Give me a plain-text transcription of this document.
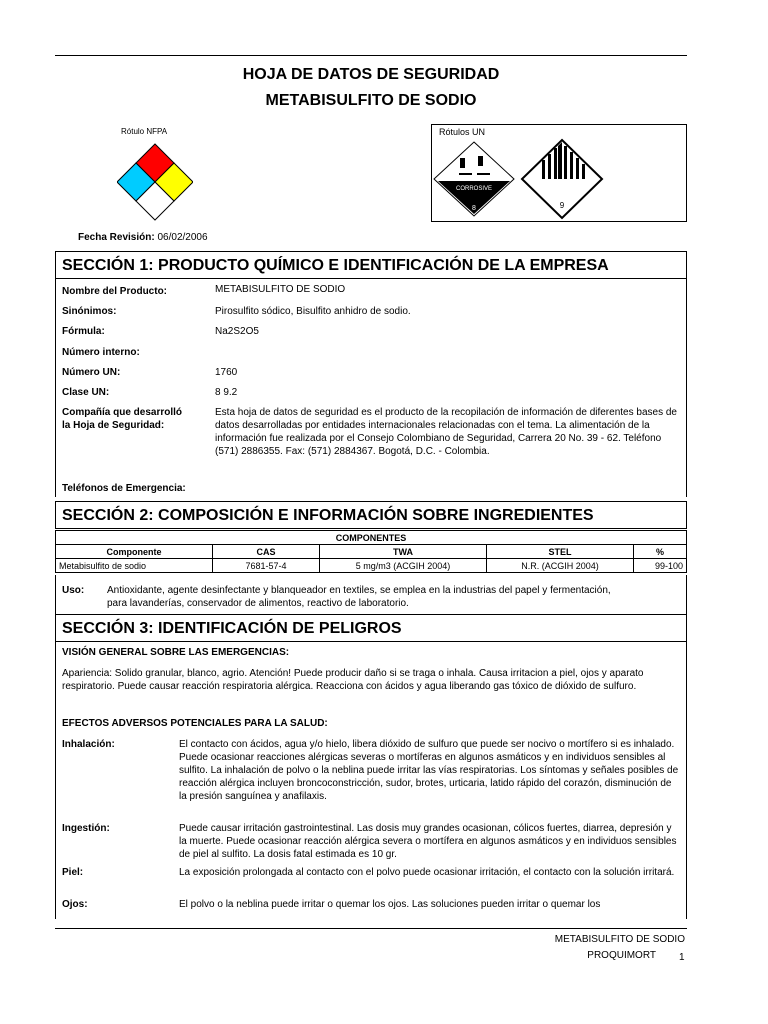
HOJA DE DATOS DE SEGURIDAD
METABISULFITO DE SODIO
Rótulo NFPA	Rótulos UN
CORROSIVE
8	9
Fecha Revisión: 06/02/2006
SECCIÓN 1: PRODUCTO QUÍMICO E IDENTIFICACIÓN DE LA EMPRESA
Nombre del Producto:	METABISULFITO DE SODIO
Sinónimos:	Pirosulfito sódico, Bisulfito anhidro de sodio.
Fórmula:	Na2S2O5
Número interno:
Número UN:	1760
Clase UN:	8 9.2
Compañía que desarrolló
la Hoja de Seguridad:
Esta hoja de datos de seguridad es el producto de la recopilación de información de diferentes bases de datos desarrolladas por entidades internacionales relacionadas con el tema. La alimentación de la información fue realizada por el Consejo Colombiano de Seguridad, Carrera 20 No. 39 - 62. Teléfono (571) 2886355. Fax: (571) 2884367. Bogotá, D.C. - Colombia.
Teléfonos de Emergencia:
SECCIÓN 2: COMPOSICIÓN E INFORMACIÓN SOBRE INGREDIENTES
COMPONENTES				
Componente	CAS	TWA	STEL	%
Metabisulfito de sodio	7681-57-4	5 mg/m3 (ACGIH 2004)	N.R. (ACGIH 2004)	99-100
Uso: Antioxidante, agente desinfectante y blanqueador en textiles, se emplea en la industrias del papel y fermentación, para lavanderías, conservador de alimentos, reactivo de laboratorio.
SECCIÓN 3: IDENTIFICACIÓN DE PELIGROS
VISIÓN GENERAL SOBRE LAS EMERGENCIAS:
Apariencia: Solido granular, blanco, agrio. Atención! Puede producir daño si se traga o inhala. Causa irritacion a piel, ojos y aparato respiratorio. Puede causar reacción respiratoria alérgica. Reacciona con ácidos y agua liberando gas tóxico de dióxido de sulfuro.
EFECTOS ADVERSOS POTENCIALES PARA LA SALUD:
Inhalación:	El contacto con ácidos, agua y/o hielo, libera dióxido de sulfuro que puede ser nocivo o mortífero si es inhalado. Puede ocasionar reacciones alérgicas severas o mortíferas en algunos asmáticos y en individuos sensibles al sulfito. La inhalación de polvo o la neblina puede irritar las vías respiratorias. Los síntomas y señales posibles de reacción alérgica incluyen broncoconstricción, sudor, brotes, urticaria, latido rápido del corazón, disminución de la presión sanguínea y anafilaxis.
Ingestión:	Puede causar irritación gastrointestinal. Las dosis muy grandes ocasionan, cólicos fuertes, diarrea, depresión y la muerte. Puede ocasionar reacción alérgica severa o mortífera en algunos asmáticos y en individuos sensibles de piel al sulfito. La dosis fatal estimada es 10 gr.
Piel:	La exposición prolongada al contacto con el polvo puede ocasionar irritación, el contacto con la solución irritará.
Ojos:	El polvo o la neblina puede irritar o quemar los ojos. Las soluciones pueden irritar o quemar los
METABISULFITO DE SODIO
PROQUIMORT 1
